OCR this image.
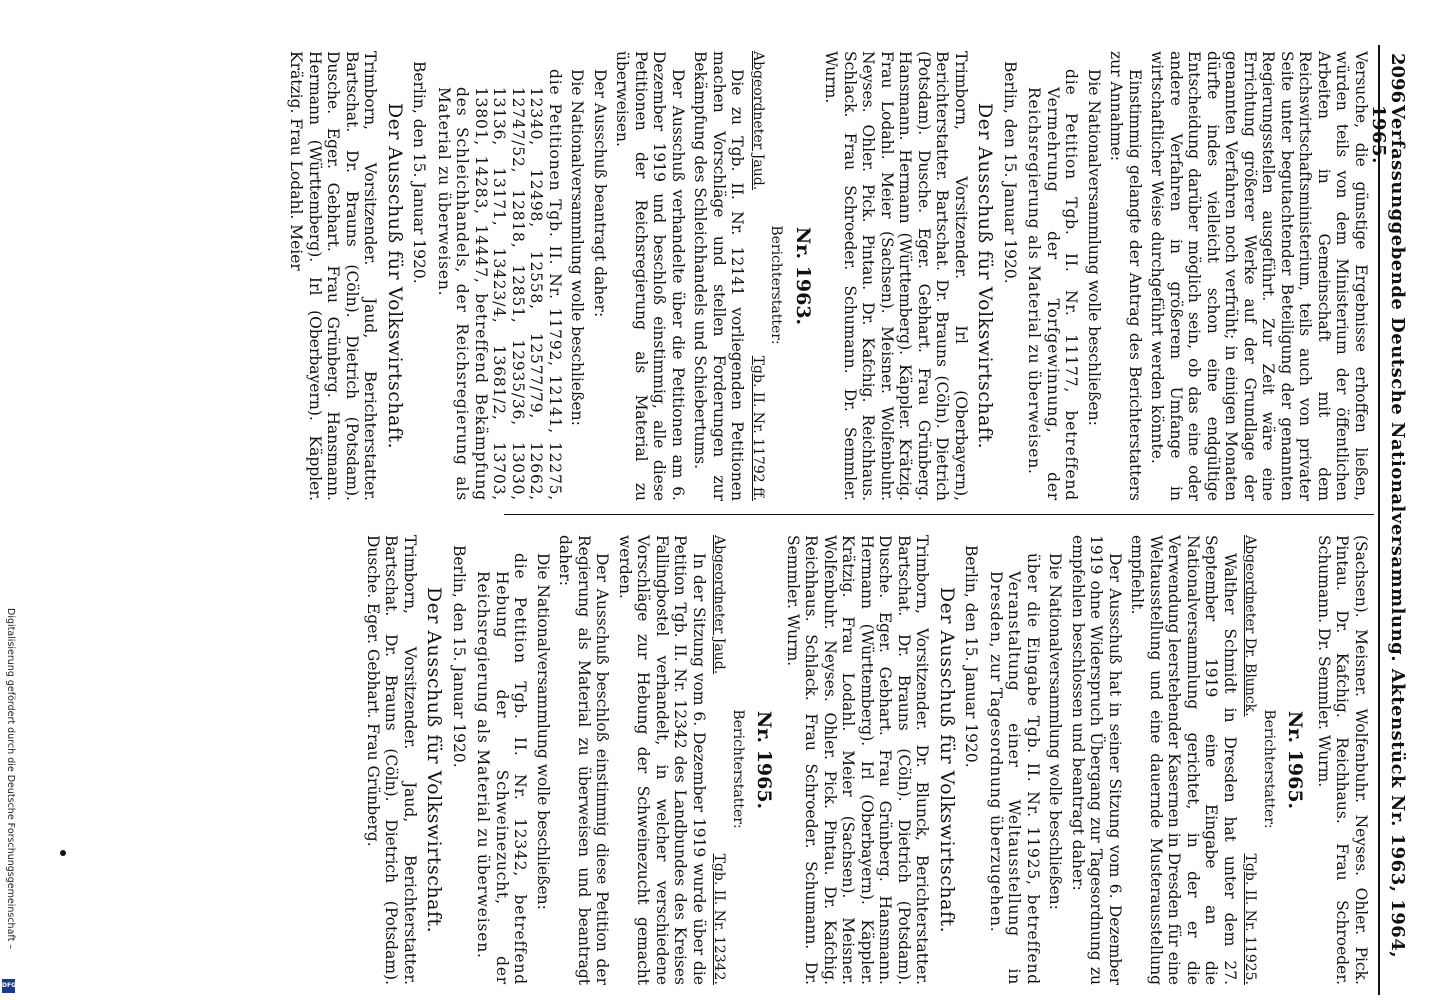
Digitalisierung gefördert durch die Deutsche Forschungsgemeinschaft –
DFG
2096
Verfassunggebende Deutsche Nationalversammlung. Aktenstück Nr. 1963, 1964, 1965.

Versuche, die günstige Ergebnisse erhoffen ließen, würden teils von dem Ministerium der öffentlichen Arbeiten in Gemeinschaft mit dem Reichswirtschaftsministerium, teils auch von privater Seite unter begutachtender Beteiligung der genannten Regierungsstellen ausgeführt. Zur Zeit wäre eine Errichtung größerer Werke auf der Grundlage der genannten Verfahren noch verfrüht; in einigen Monaten dürfte indes vielleicht schon eine endgültige Entscheidung darüber möglich sein, ob das eine oder andere Verfahren in größerem Umfange in wirtschaftlicher Weise durchgeführt werden könnte.

Einstimmig gelangte der Antrag des Berichterstatters zur Annahme:

Die Nationalversammlung wolle beschließen:

die Petition Tgb. II. Nr. 11177, betreffend Vermehrung der Torfgewinnung, der Reichsregierung als Material zu überweisen.

Berlin, den 15. Januar 1920.

Der Ausschuß für Volkswirtschaft.

Trimborn, Vorsitzender. Irl (Oberbayern), Berichterstatter. Bartschat. Dr. Brauns (Cöln). Dietrich (Potsdam). Dusche. Eger. Gebhart. Frau Grünberg. Hansmann. Hermann (Württemberg). Käppler. Krätzig. Frau Lodahl. Meier (Sachsen). Meisner. Wolfenbuhr. Neyses. Ohler. Pick. Pintau. Dr. Kafchig. Reichhaus. Schlack. Frau Schroeder. Schumann. Dr. Semmler. Wurm.

Nr. 1963.

Berichterstatter:

Abgeordneter Jaud.
Tgb. II. Nr. 11792 ff.

Die zu Tgb. II. Nr. 12141 vorliegenden Petitionen machen Vorschläge und stellen Forderungen zur Bekämpfung des Schleichhandels und Schiebertums.

Der Ausschuß verhandelte über die Petitionen am 6. Dezember 1919 und beschloß einstimmig, alle diese Petitionen der Reichsregierung als Material zu überweisen.

Der Ausschuß beantragt daher:

Die Nationalversammlung wolle beschließen:

die Petitionen Tgb. II. Nr. 11792, 12141, 12275, 12340, 12498, 12558, 12577/79, 12662, 12747/52, 12818, 12851, 12935/36, 13030, 13136, 13171, 13423/4, 13681/2, 13703, 13801, 14283, 14447, betreffend Bekämpfung des Schleichhandels, der Reichsregierung als Material zu überweisen.

Berlin, den 15. Januar 1920.

Der Ausschuß für Volkswirtschaft.

Trimborn, Vorsitzender. Jaud, Berichterstatter. Bartschat. Dr. Brauns (Cöln). Dietrich (Potsdam). Dusche. Eger. Gebhart. Frau Grünberg. Hansmann. Hermann (Württemberg). Irl (Oberbayern). Käppler. Krätzig. Frau Lodahl. Meier

(Sachsen). Meisner. Wolfenbuhr. Neyses. Ohler. Pick. Pintau. Dr. Kafchig. Reichhaus. Frau Schroeder. Schumann. Dr. Semmler. Wurm.

Nr. 1965.

Berichterstatter:

Abgeordneter Dr. Blunck.
Tgb. II. Nr. 11925.

Walther Schmidt in Dresden hat unter dem 27. September 1919 eine Eingabe an die Nationalversammlung gerichtet, in der er die Verwendung leerstehender Kasernen in Dresden für eine Weltausstellung und eine dauernde Musterausstellung empfiehlt.

Der Ausschuß hat in seiner Sitzung vom 6. Dezember 1919 ohne Widerspruch Übergang zur Tagesordnung zu empfehlen beschlossen und beantragt daher:

Die Nationalversammlung wolle beschließen:

über die Eingabe Tgb. II. Nr. 11925, betreffend Veranstaltung einer Weltausstellung in Dresden, zur Tagesordnung überzugehen.

Berlin, den 15. Januar 1920.

Der Ausschuß für Volkswirtschaft.

Trimborn, Vorsitzender. Dr. Blunck, Berichterstatter. Bartschat. Dr. Brauns (Cöln). Dietrich (Potsdam). Dusche. Eger. Gebhart. Frau Grünberg. Hansmann. Hermann (Württemberg). Irl (Oberbayern). Käppler. Krätzig. Frau Lodahl. Meier (Sachsen). Meisner. Wolfenbuhr. Neyses. Ohler. Pick. Pintau. Dr. Kafchig. Reichhaus. Schlack. Frau Schroeder. Schumann. Dr. Semmler. Wurm.

Nr. 1965.

Berichterstatter:

Abgeordneter Jaud.
Tgb. II. Nr. 12342.

In der Sitzung vom 6. Dezember 1919 wurde über die Petition Tgb. II. Nr. 12342 des Landbundes des Kreises Fallingbostel verhandelt, in welcher verschiedene Vorschläge zur Hebung der Schweinezucht gemacht werden.

Der Ausschuß beschloß einstimmig diese Petition der Regierung als Material zu überweisen und beantragt daher:

Die Nationalversammlung wolle beschließen:

die Petition Tgb. II. Nr. 12342, betreffend Hebung der Schweinezucht, der Reichsregierung als Material zu überweisen.

Berlin, den 15. Januar 1920.

Der Ausschuß für Volkswirtschaft.

Trimborn, Vorsitzender. Jaud, Berichterstatter. Bartschat. Dr. Brauns (Cöln). Dietrich (Potsdam). Dusche. Eger. Gebhart. Frau Grünberg.
